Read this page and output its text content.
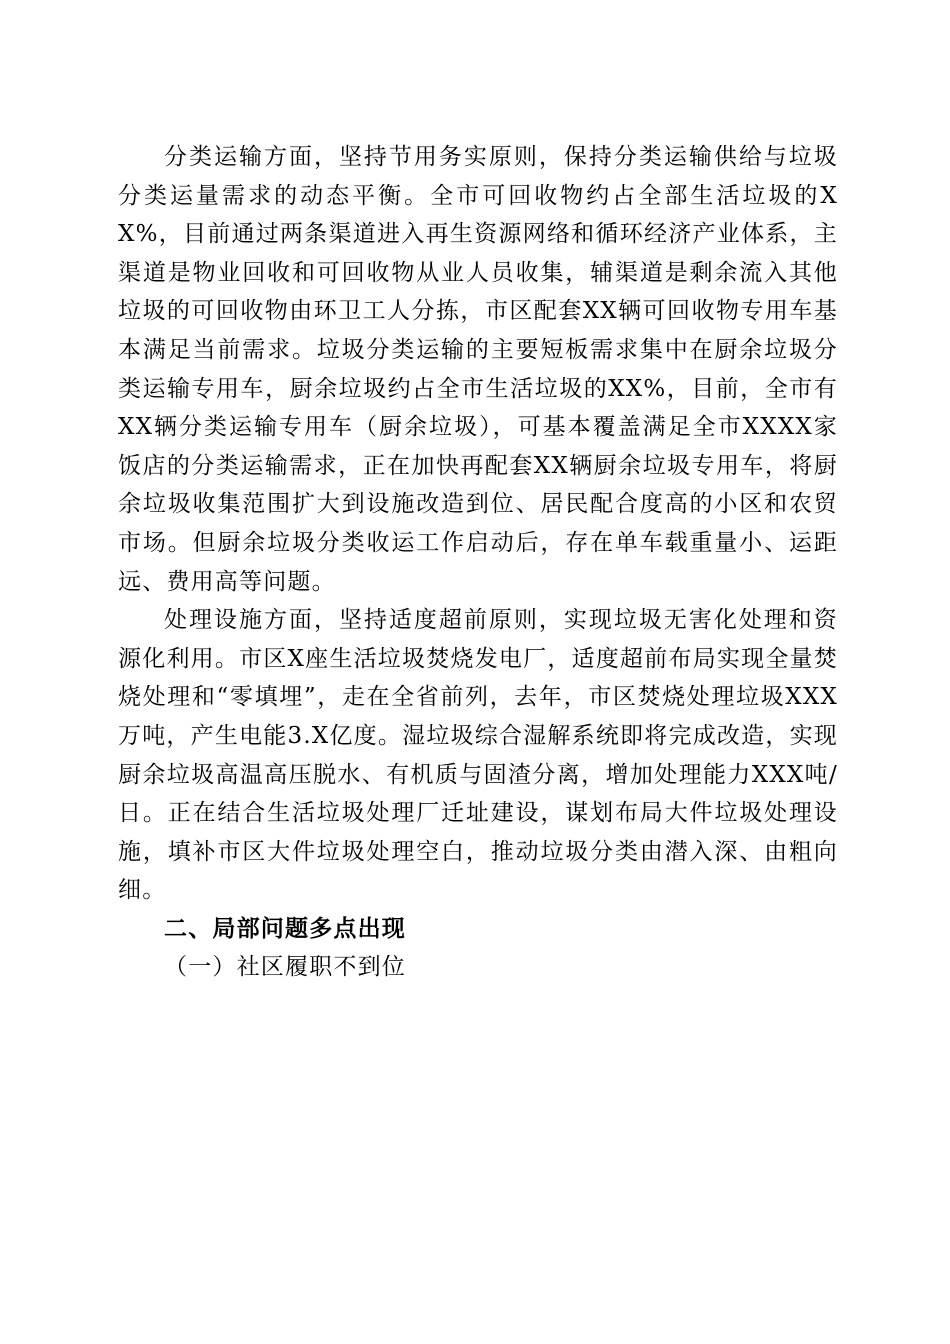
分类运输方面，坚持节用务实原则，保持分类运输供给与垃圾分类运量需求的动态平衡。全市可回收物约占全部生活垃圾的XX%，目前通过两条渠道进入再生资源网络和循环经济产业体系，主渠道是物业回收和可回收物从业人员收集，辅渠道是剩余流入其他垃圾的可回收物由环卫工人分拣，市区配套XX辆可回收物专用车基本满足当前需求。垃圾分类运输的主要短板需求集中在厨余垃圾分类运输专用车，厨余垃圾约占全市生活垃圾的XX%，目前，全市有XX辆分类运输专用车（厨余垃圾），可基本覆盖满足全市XXXX家饭店的分类运输需求，正在加快再配套XX辆厨余垃圾专用车，将厨余垃圾收集范围扩大到设施改造到位、居民配合度高的小区和农贸市场。但厨余垃圾分类收运工作启动后，存在单车载重量小、运距远、费用高等问题。

处理设施方面，坚持适度超前原则，实现垃圾无害化处理和资源化利用。市区X座生活垃圾焚烧发电厂，适度超前布局实现全量焚烧处理和“零填埋”，走在全省前列，去年，市区焚烧处理垃圾XXX万吨，产生电能3.X亿度。湿垃圾综合湿解系统即将完成改造，实现厨余垃圾高温高压脱水、有机质与固渣分离，增加处理能力XXX吨/日。正在结合生活垃圾处理厂迁址建设，谋划布局大件垃圾处理设施，填补市区大件垃圾处理空白，推动垃圾分类由潜入深、由粗向细。

二、局部问题多点出现

（一）社区履职不到位
